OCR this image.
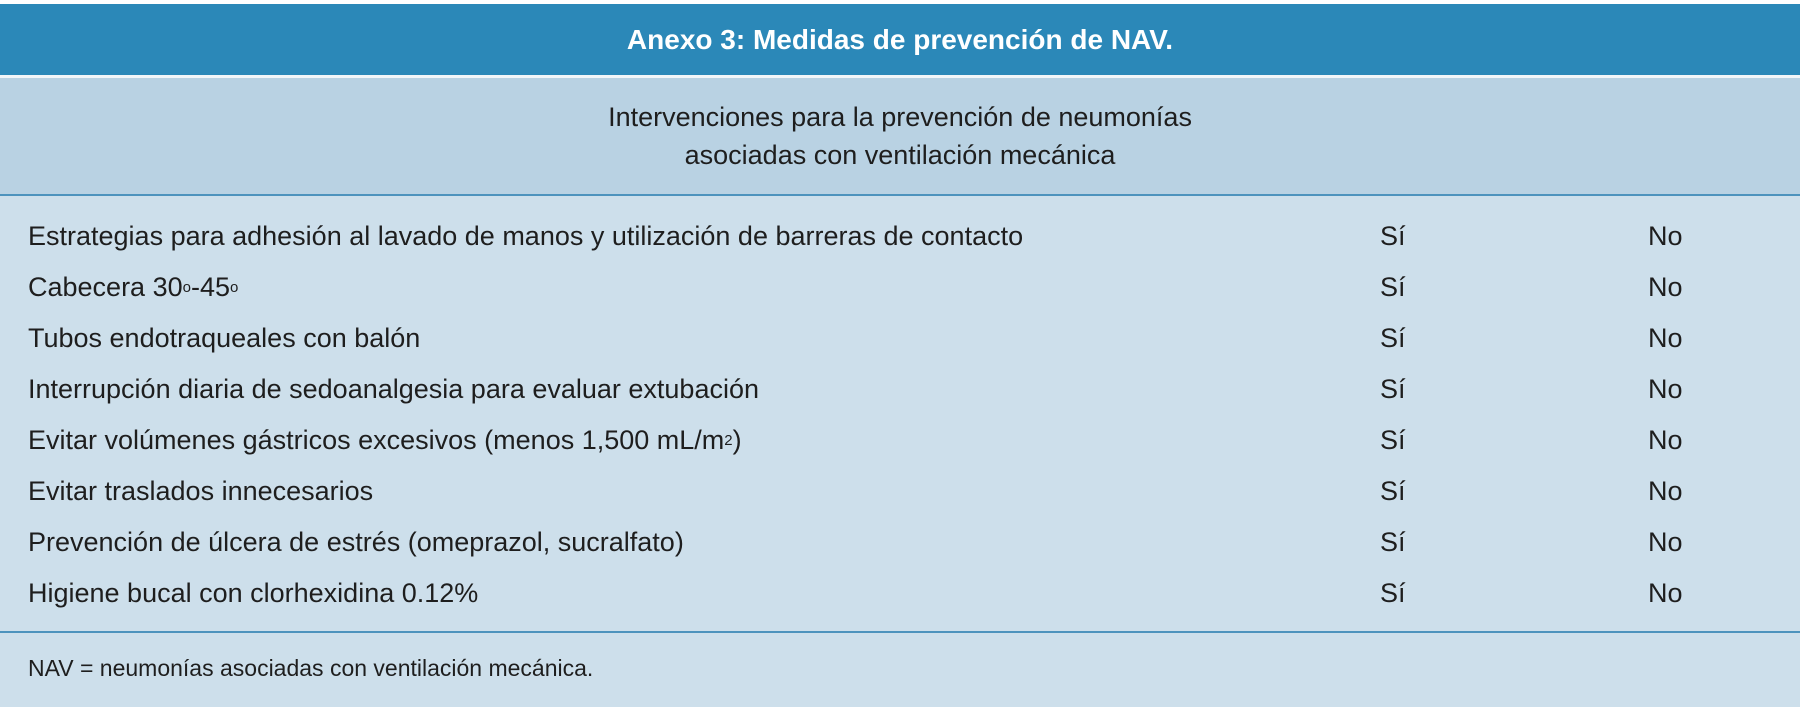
Anexo 3: Medidas de prevención de NAV.
Intervenciones para la prevención de neumonías
asociadas con ventilación mecánica
Estrategias para adhesión al lavado de manos y utilización de barreras de contacto	Sí	No
Cabecera 30$^o$-45$^o$	Sí	No
Tubos endotraqueales con balón	Sí	No
Interrupción diaria de sedoanalgesia para evaluar extubación	Sí	No
Evitar volúmenes gástricos excesivos (menos 1,500 $mL/m^2$)	Sí	No
Evitar traslados innecesarios	Sí	No
Prevención de úlcera de estrés (omeprazol, sucralfato)	Sí	No
Higiene bucal con clorhexidina 0.12%	Sí	No
NAV = neumonías asociadas con ventilación mecánica.
